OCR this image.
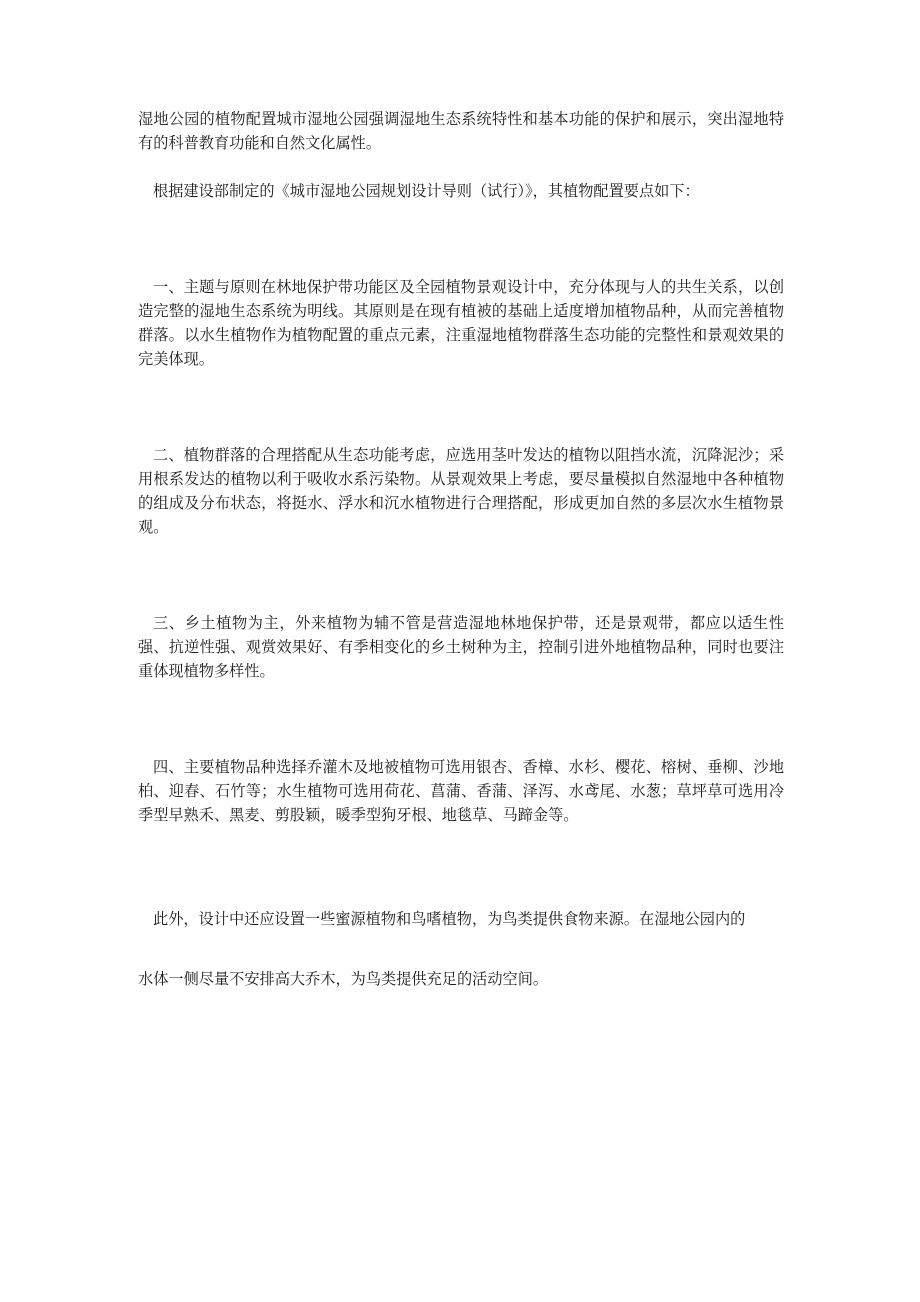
湿地公园的植物配置城市湿地公园强调湿地生态系统特性和基本功能的保护和展示，突出湿地特有的科普教育功能和自然文化属性。

根据建设部制定的《城市湿地公园规划设计导则（试行）》，其植物配置要点如下：

一、主题与原则在林地保护带功能区及全园植物景观设计中，充分体现与人的共生关系，以创造完整的湿地生态系统为明线。其原则是在现有植被的基础上适度增加植物品种，从而完善植物群落。以水生植物作为植物配置的重点元素，注重湿地植物群落生态功能的完整性和景观效果的完美体现。

二、植物群落的合理搭配从生态功能考虑，应选用茎叶发达的植物以阻挡水流，沉降泥沙；采用根系发达的植物以利于吸收水系污染物。从景观效果上考虑，要尽量模拟自然湿地中各种植物的组成及分布状态，将挺水、浮水和沉水植物进行合理搭配，形成更加自然的多层次水生植物景观。

三、乡土植物为主，外来植物为辅不管是营造湿地林地保护带，还是景观带，都应以适生性强、抗逆性强、观赏效果好、有季相变化的乡土树种为主，控制引进外地植物品种，同时也要注重体现植物多样性。

四、主要植物品种选择乔灌木及地被植物可选用银杏、香樟、水杉、樱花、榕树、垂柳、沙地柏、迎春、石竹等；水生植物可选用荷花、菖蒲、香蒲、泽泻、水鸢尾、水葱；草坪草可选用冷季型早熟禾、黑麦、剪股颖，暖季型狗牙根、地毯草、马蹄金等。

此外，设计中还应设置一些蜜源植物和鸟嗜植物，为鸟类提供食物来源。在湿地公园内的

水体一侧尽量不安排高大乔木，为鸟类提供充足的活动空间。
